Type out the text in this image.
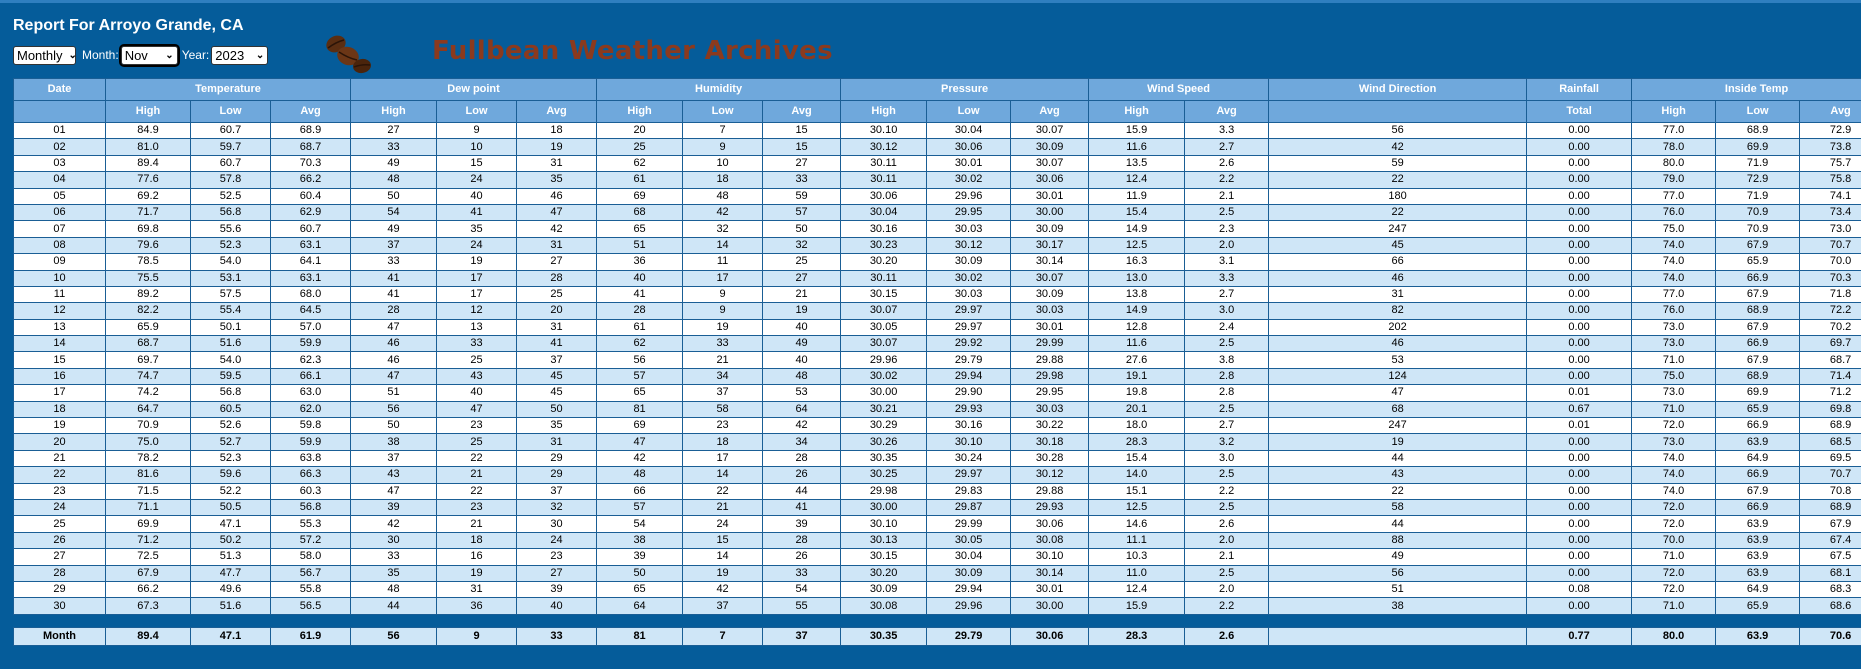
Report For Arroyo Grande, CA
Monthly ⌄ Month: Nov ⌄ Year: 2023 ⌄	Fullbean Weather Archives
Date	Temperature			Dew point			Humidity			Pressure			Wind Speed		Wind Direction	Rainfall	Inside Temp		
	High	Low	Avg	High	Low	Avg	High	Low	Avg	High	Low	Avg	High	Avg		Total	High	Low	Avg
01	84.9	60.7	68.9	27	9	18	20	7	15	30.10	30.04	30.07	15.9	3.3	56	0.00	77.0	68.9	72.9
02	81.0	59.7	68.7	33	10	19	25	9	15	30.12	30.06	30.09	11.6	2.7	42	0.00	78.0	69.9	73.8
03	89.4	60.7	70.3	49	15	31	62	10	27	30.11	30.01	30.07	13.5	2.6	59	0.00	80.0	71.9	75.7
04	77.6	57.8	66.2	48	24	35	61	18	33	30.11	30.02	30.06	12.4	2.2	22	0.00	79.0	72.9	75.8
05	69.2	52.5	60.4	50	40	46	69	48	59	30.06	29.96	30.01	11.9	2.1	180	0.00	77.0	71.9	74.1
06	71.7	56.8	62.9	54	41	47	68	42	57	30.04	29.95	30.00	15.4	2.5	22	0.00	76.0	70.9	73.4
07	69.8	55.6	60.7	49	35	42	65	32	50	30.16	30.03	30.09	14.9	2.3	247	0.00	75.0	70.9	73.0
08	79.6	52.3	63.1	37	24	31	51	14	32	30.23	30.12	30.17	12.5	2.0	45	0.00	74.0	67.9	70.7
09	78.5	54.0	64.1	33	19	27	36	11	25	30.20	30.09	30.14	16.3	3.1	66	0.00	74.0	65.9	70.0
10	75.5	53.1	63.1	41	17	28	40	17	27	30.11	30.02	30.07	13.0	3.3	46	0.00	74.0	66.9	70.3
11	89.2	57.5	68.0	41	17	25	41	9	21	30.15	30.03	30.09	13.8	2.7	31	0.00	77.0	67.9	71.8
12	82.2	55.4	64.5	28	12	20	28	9	19	30.07	29.97	30.03	14.9	3.0	82	0.00	76.0	68.9	72.2
13	65.9	50.1	57.0	47	13	31	61	19	40	30.05	29.97	30.01	12.8	2.4	202	0.00	73.0	67.9	70.2
14	68.7	51.6	59.9	46	33	41	62	33	49	30.07	29.92	29.99	11.6	2.5	46	0.00	73.0	66.9	69.7
15	69.7	54.0	62.3	46	25	37	56	21	40	29.96	29.79	29.88	27.6	3.8	53	0.00	71.0	67.9	68.7
16	74.7	59.5	66.1	47	43	45	57	34	48	30.02	29.94	29.98	19.1	2.8	124	0.00	75.0	68.9	71.4
17	74.2	56.8	63.0	51	40	45	65	37	53	30.00	29.90	29.95	19.8	2.8	47	0.01	73.0	69.9	71.2
18	64.7	60.5	62.0	56	47	50	81	58	64	30.21	29.93	30.03	20.1	2.5	68	0.67	71.0	65.9	69.8
19	70.9	52.6	59.8	50	23	35	69	23	42	30.29	30.16	30.22	18.0	2.7	247	0.01	72.0	66.9	68.9
20	75.0	52.7	59.9	38	25	31	47	18	34	30.26	30.10	30.18	28.3	3.2	19	0.00	73.0	63.9	68.5
21	78.2	52.3	63.8	37	22	29	42	17	28	30.35	30.24	30.28	15.4	3.0	44	0.00	74.0	64.9	69.5
22	81.6	59.6	66.3	43	21	29	48	14	26	30.25	29.97	30.12	14.0	2.5	43	0.00	74.0	66.9	70.7
23	71.5	52.2	60.3	47	22	37	66	22	44	29.98	29.83	29.88	15.1	2.2	22	0.00	74.0	67.9	70.8
24	71.1	50.5	56.8	39	23	32	57	21	41	30.00	29.87	29.93	12.5	2.5	58	0.00	72.0	66.9	68.9
25	69.9	47.1	55.3	42	21	30	54	24	39	30.10	29.99	30.06	14.6	2.6	44	0.00	72.0	63.9	67.9
26	71.2	50.2	57.2	30	18	24	38	15	28	30.13	30.05	30.08	11.1	2.0	88	0.00	70.0	63.9	67.4
27	72.5	51.3	58.0	33	16	23	39	14	26	30.15	30.04	30.10	10.3	2.1	49	0.00	71.0	63.9	67.5
28	67.9	47.7	56.7	35	19	27	50	19	33	30.20	30.09	30.14	11.0	2.5	56	0.00	72.0	63.9	68.1
29	66.2	49.6	55.8	48	31	39	65	42	54	30.09	29.94	30.01	12.4	2.0	51	0.08	72.0	64.9	68.3
30	67.3	51.6	56.5	44	36	40	64	37	55	30.08	29.96	30.00	15.9	2.2	38	0.00	71.0	65.9	68.6

Month	89.4	47.1	61.9	56	9	33	81	7	37	30.35	29.79	30.06	28.3	2.6		0.77	80.0	63.9	70.6
